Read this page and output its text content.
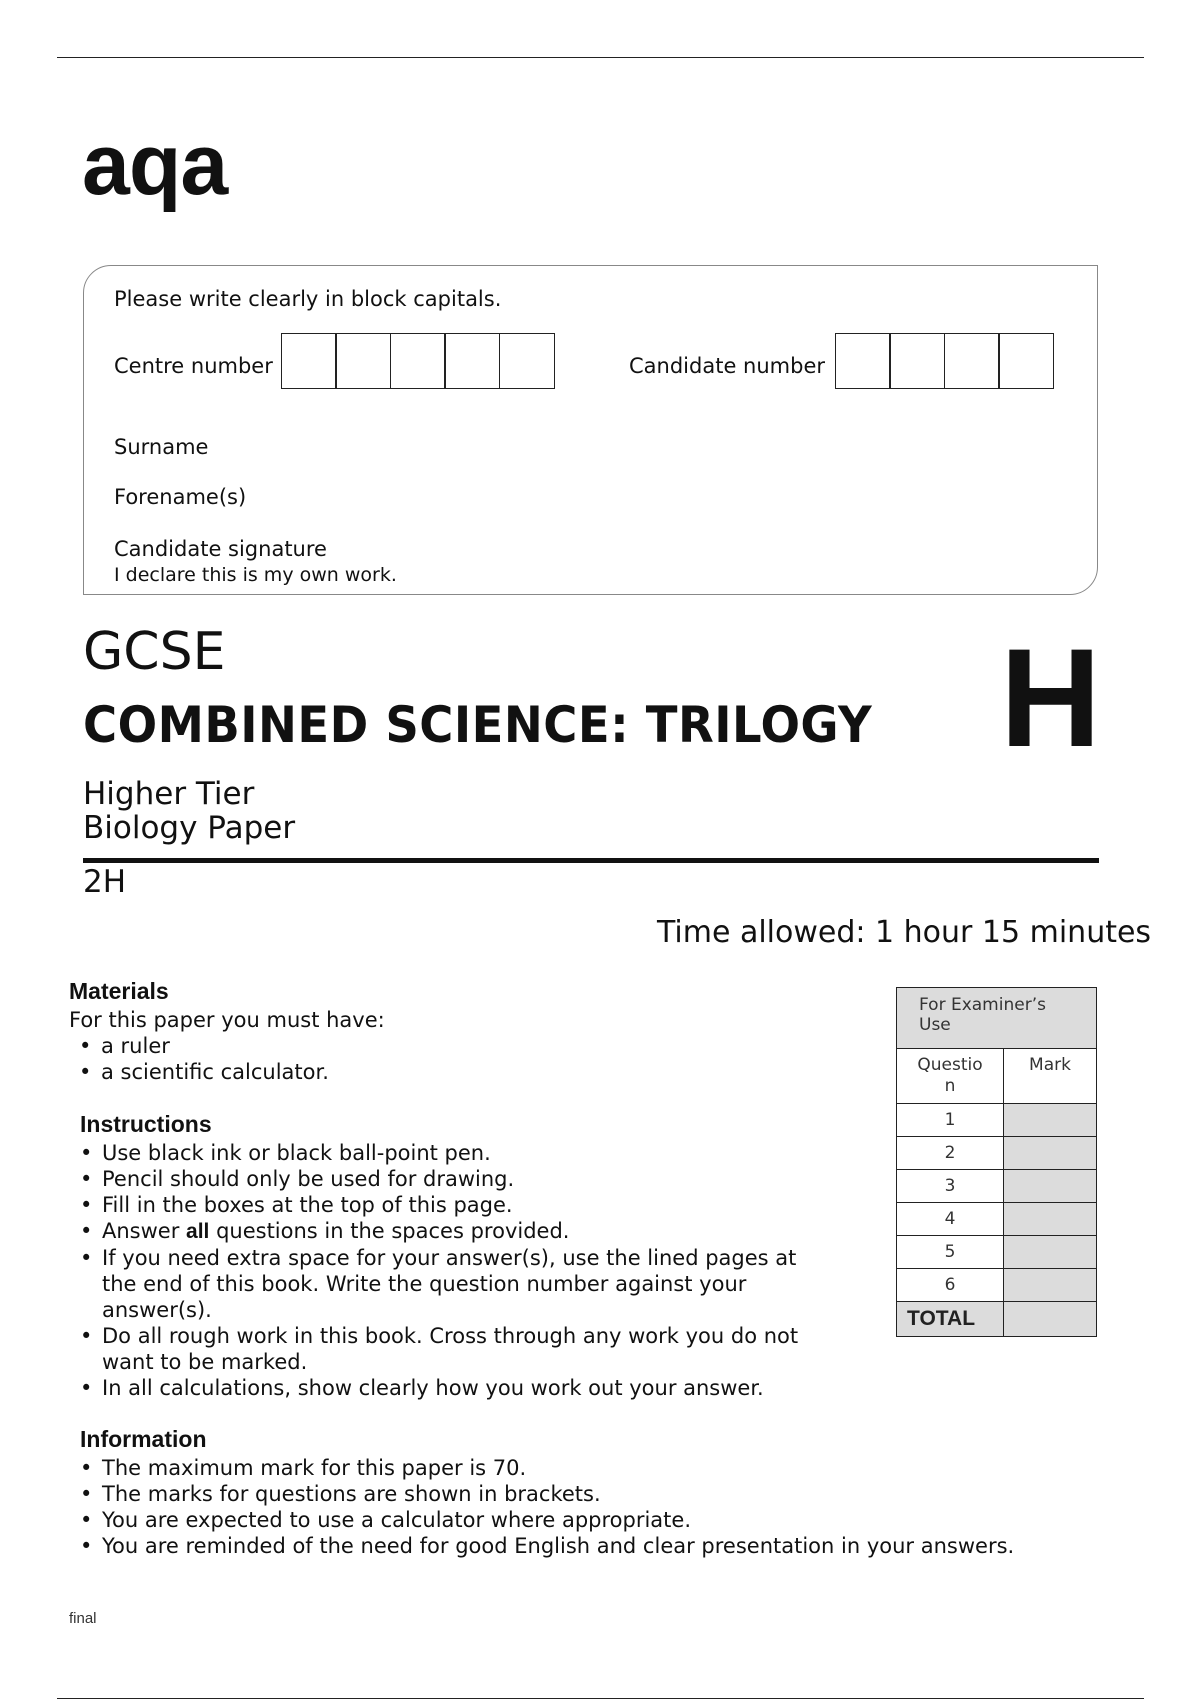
aqa
Please write clearly in block capitals.
Centre number	Candidate number
Surname
Forename(s)
Candidate signature
I declare this is my own work.
GCSE
COMBINED SCIENCE: TRILOGY H
Higher Tier
Biology Paper
2H
Time allowed: 1 hour 15 minutes
Materials
For this paper you must have:
• a ruler
• a scientific calculator.
Instructions
• Use black ink or black ball-point pen.
• Pencil should only be used for drawing.
• Fill in the boxes at the top of this page.
• Answer all questions in the spaces provided.
• If you need extra space for your answer(s), use the lined pages at
the end of this book. Write the question number against your
answer(s).
• Do all rough work in this book. Cross through any work you do not
want to be marked.
• In all calculations, show clearly how you work out your answer.
Information
• The maximum mark for this paper is 70.
• The marks for questions are shown in brackets.
• You are expected to use a calculator where appropriate.
• You are reminded of the need for good English and clear presentation in your answers.
For Examiner’s
Use	

Questio
n	Mark
1	
2	
3	
4	
5	
6	
TOTAL	
final
